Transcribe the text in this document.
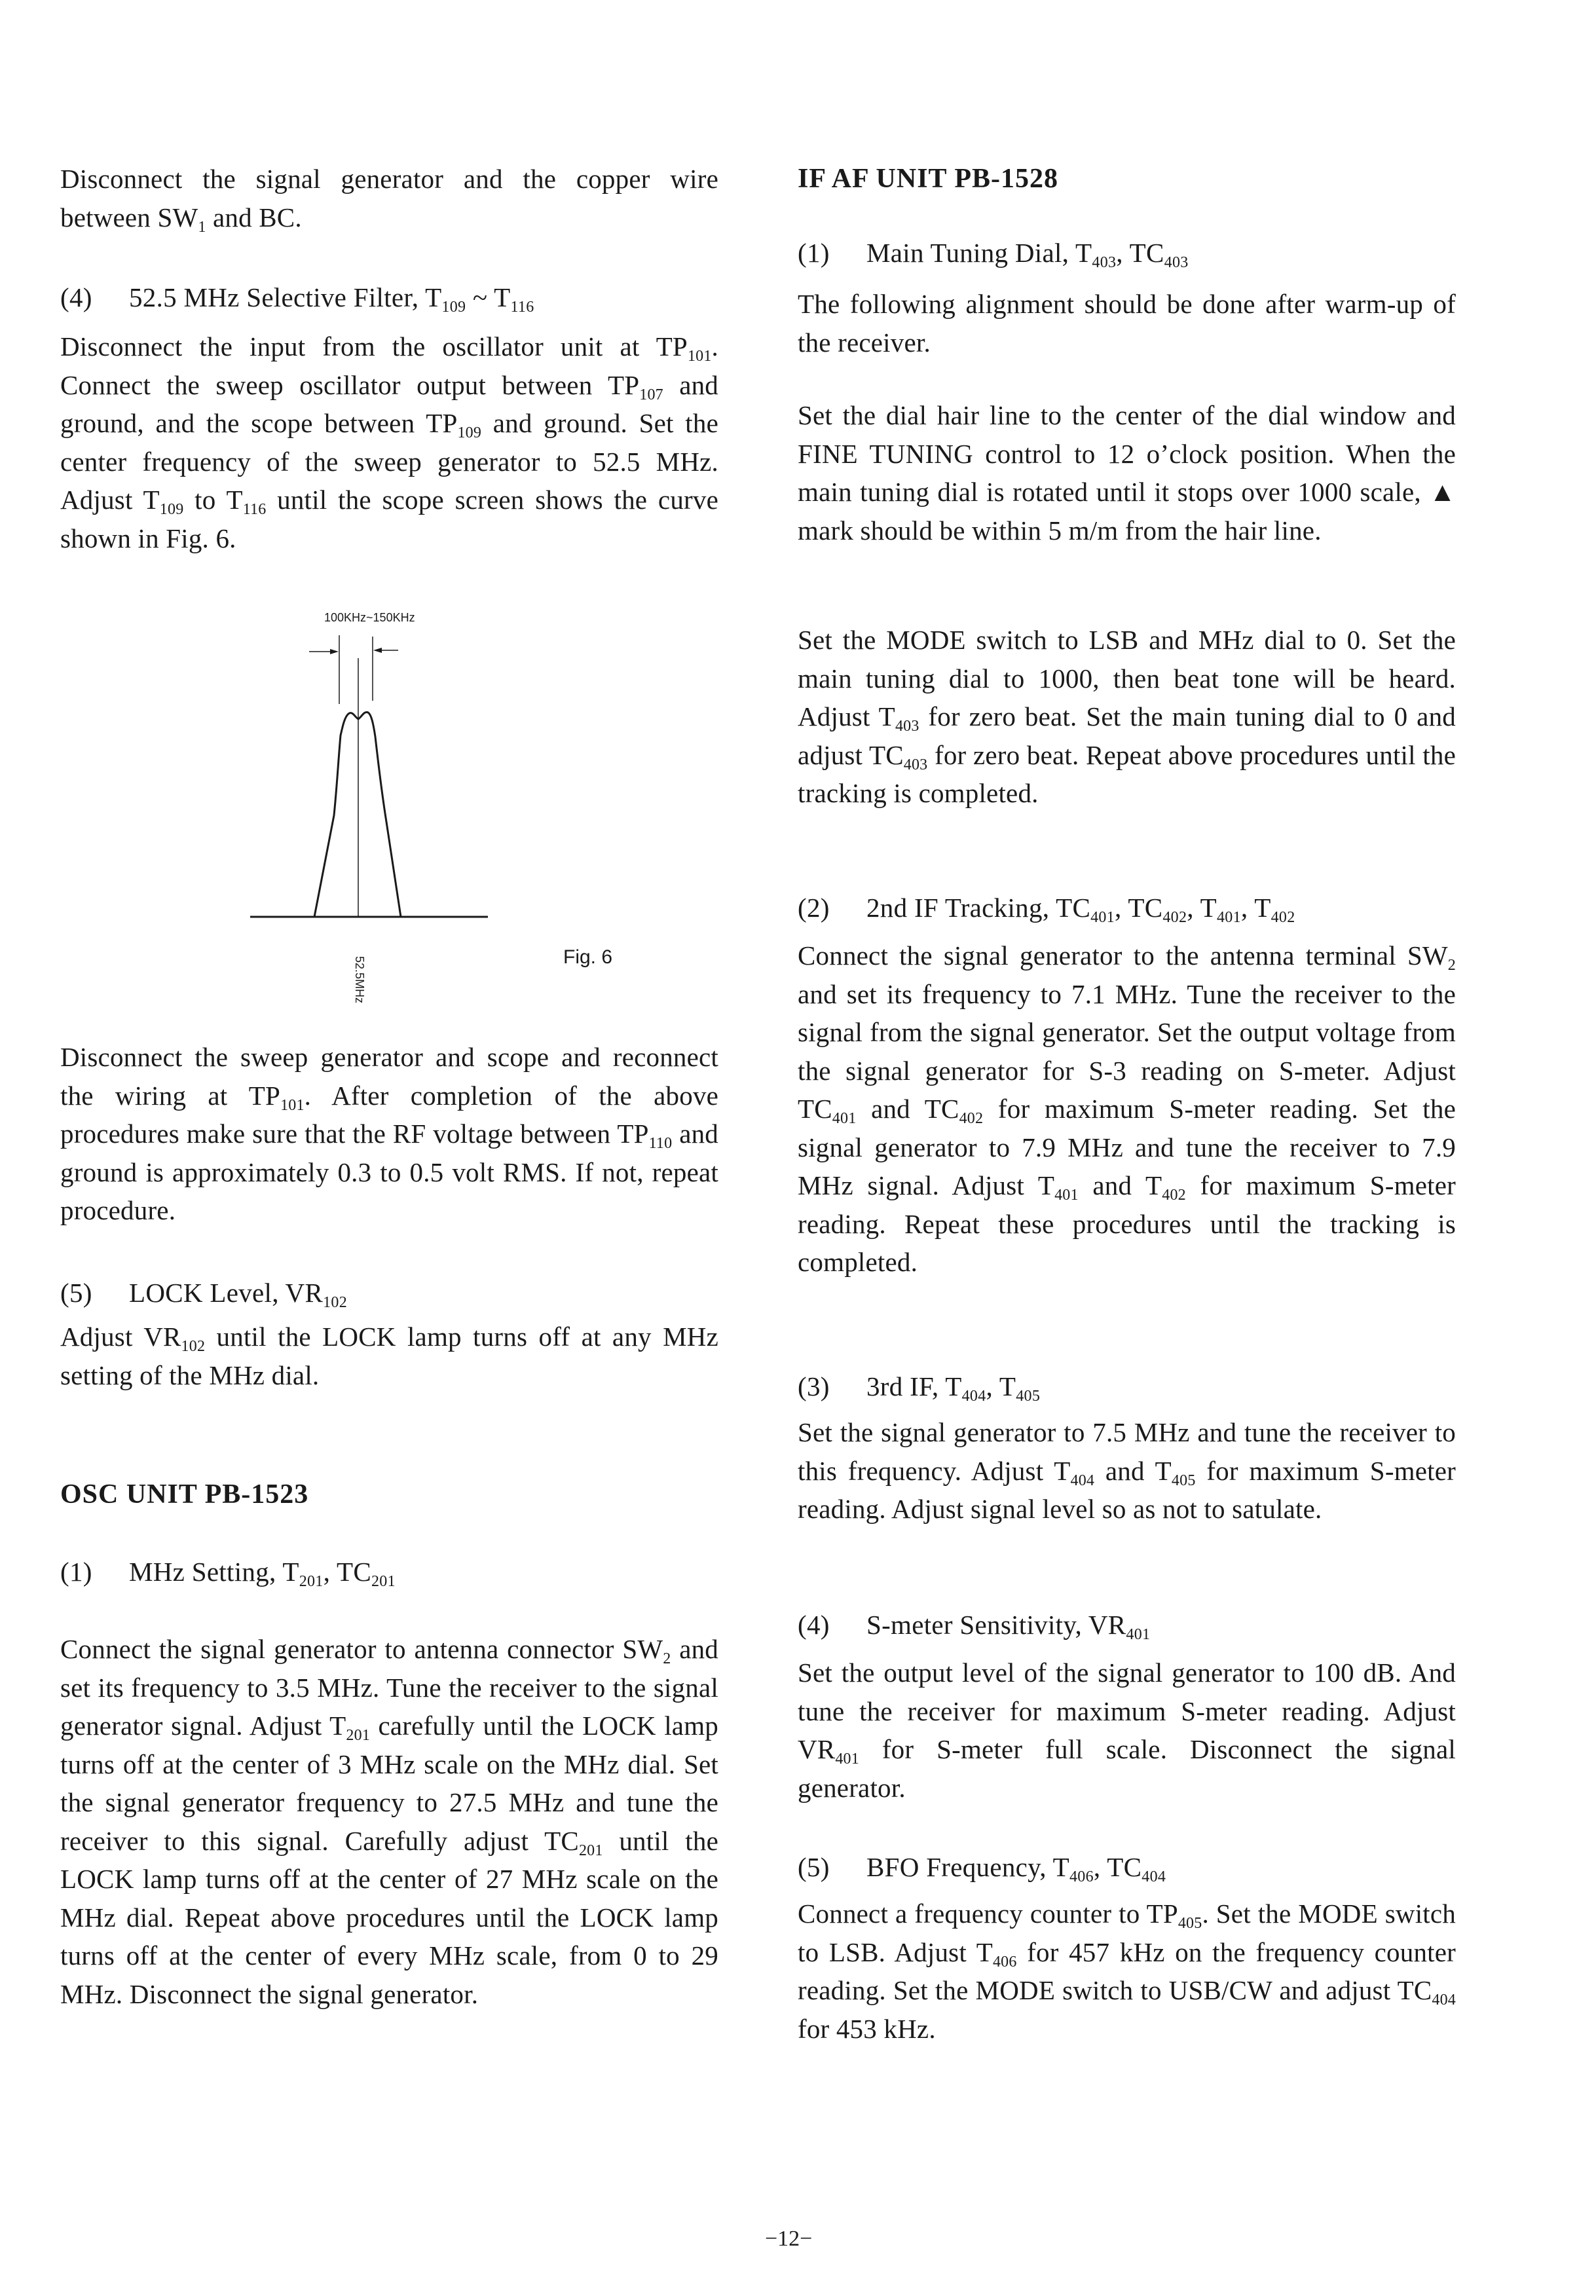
Disconnect the signal generator and the copper wire between $SW_1$ and BC.

(4) 52.5 MHz Selective Filter, $T_{109}$ ~ $T_{116}$

Disconnect the input from the oscillator unit at $TP_{101}$. Connect the sweep oscillator output between $TP_{107}$ and ground, and the scope between $TP_{109}$ and ground. Set the center frequency of the sweep generator to 52.5 MHz. Adjust $T_{109}$ to $T_{116}$ until the scope screen shows the curve shown in Fig. 6.

Disconnect the sweep generator and scope and reconnect the wiring at $TP_{101}$. After completion of the above procedures make sure that the RF voltage between $TP_{110}$ and ground is approximately 0.3 to 0.5 volt RMS. If not, repeat procedure.

(5) LOCK Level, $VR_{102}$

Adjust $VR_{102}$ until the LOCK lamp turns off at any MHz setting of the MHz dial.

OSC UNIT PB-1523
(1) MHz Setting, $T_{201}$, $TC_{201}$

Connect the signal generator to antenna connector $SW_2$ and set its frequency to 3.5 MHz. Tune the receiver to the signal generator signal. Adjust $T_{201}$ carefully until the LOCK lamp turns off at the center of 3 MHz scale on the MHz dial. Set the signal generator frequency to 27.5 MHz and tune the receiver to this signal. Carefully adjust $TC_{201}$ until the LOCK lamp turns off at the center of 27 MHz scale on the MHz dial. Repeat above procedures until the LOCK lamp turns off at the center of every MHz scale, from 0 to 29 MHz. Disconnect the signal generator.

100KHz~150KHz
52.5MHz	Fig. 6
IF AF UNIT PB-1528
(1) Main Tuning Dial, $T_{403}$, $TC_{403}$

The following alignment should be done after warm-up of the receiver.

Set the dial hair line to the center of the dial window and FINE TUNING control to 12 o’clock position. When the main tuning dial is rotated until it stops over 1000 scale, ▲ mark should be within 5 m/m from the hair line.

Set the MODE switch to LSB and MHz dial to 0. Set the main tuning dial to 1000, then beat tone will be heard. Adjust $T_{403}$ for zero beat. Set the main tuning dial to 0 and adjust $TC_{403}$ for zero beat. Repeat above procedures until the tracking is completed.

(2) 2nd IF Tracking, $TC_{401}$, $TC_{402}$, $T_{401}$, $T_{402}$

Connect the signal generator to the antenna terminal $SW_2$ and set its frequency to 7.1 MHz. Tune the receiver to the signal from the signal generator. Set the output voltage from the signal generator for S-3 reading on S-meter. Adjust $TC_{401}$ and $TC_{402}$ for maximum S-meter reading. Set the signal generator to 7.9 MHz and tune the receiver to 7.9 MHz signal. Adjust $T_{401}$ and $T_{402}$ for maximum S-meter reading. Repeat these procedures until the tracking is completed.

(3) 3rd IF, $T_{404}$, $T_{405}$

Set the signal generator to 7.5 MHz and tune the receiver to this frequency. Adjust $T_{404}$ and $T_{405}$ for maximum S-meter reading. Adjust signal level so as not to satulate.

(4) S-meter Sensitivity, $VR_{401}$

Set the output level of the signal generator to 100 dB. And tune the receiver for maximum S-meter reading. Adjust $VR_{401}$ for S-meter full scale. Disconnect the signal generator.

(5) BFO Frequency, $T_{406}$, $TC_{404}$

Connect a frequency counter to $TP_{405}$. Set the MODE switch to LSB. Adjust $T_{406}$ for 457 kHz on the frequency counter reading. Set the MODE switch to USB/CW and adjust $TC_{404}$ for 453 kHz.

−12−
